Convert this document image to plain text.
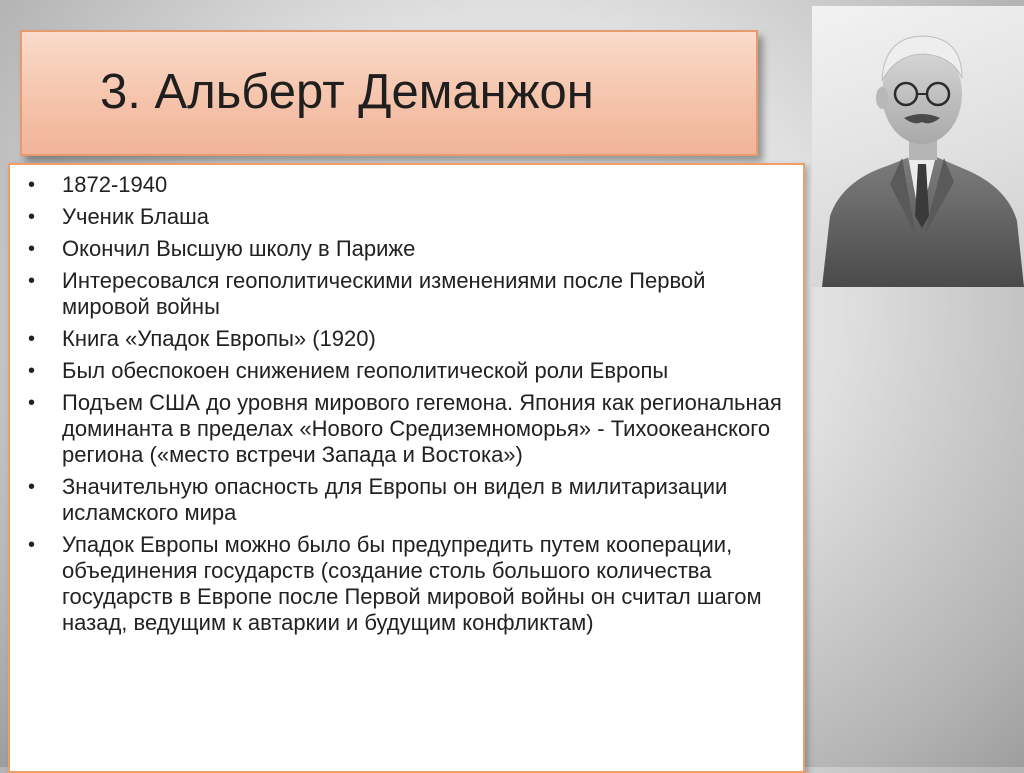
3. Альберт Деманжон
• 1872-1940
• Ученик Блаша
• Окончил Высшую школу в Париже
• Интересовался геополитическими изменениями после Первой мировой войны
• Книга «Упадок Европы» (1920)
• Был обеспокоен снижением геополитической роли Европы
• Подъем США до уровня мирового гегемона. Япония как региональная доминанта в пределах «Нового Средиземноморья» - Тихоокеанского региона («место встречи Запада и Востока»)
• Значительную опасность для Европы он видел в милитаризации исламского мира
• Упадок Европы можно было бы предупредить путем кооперации, объединения государств (создание столь большого количества государств в Европе после Первой мировой войны он считал шагом назад, ведущим к автаркии и будущим конфликтам)
